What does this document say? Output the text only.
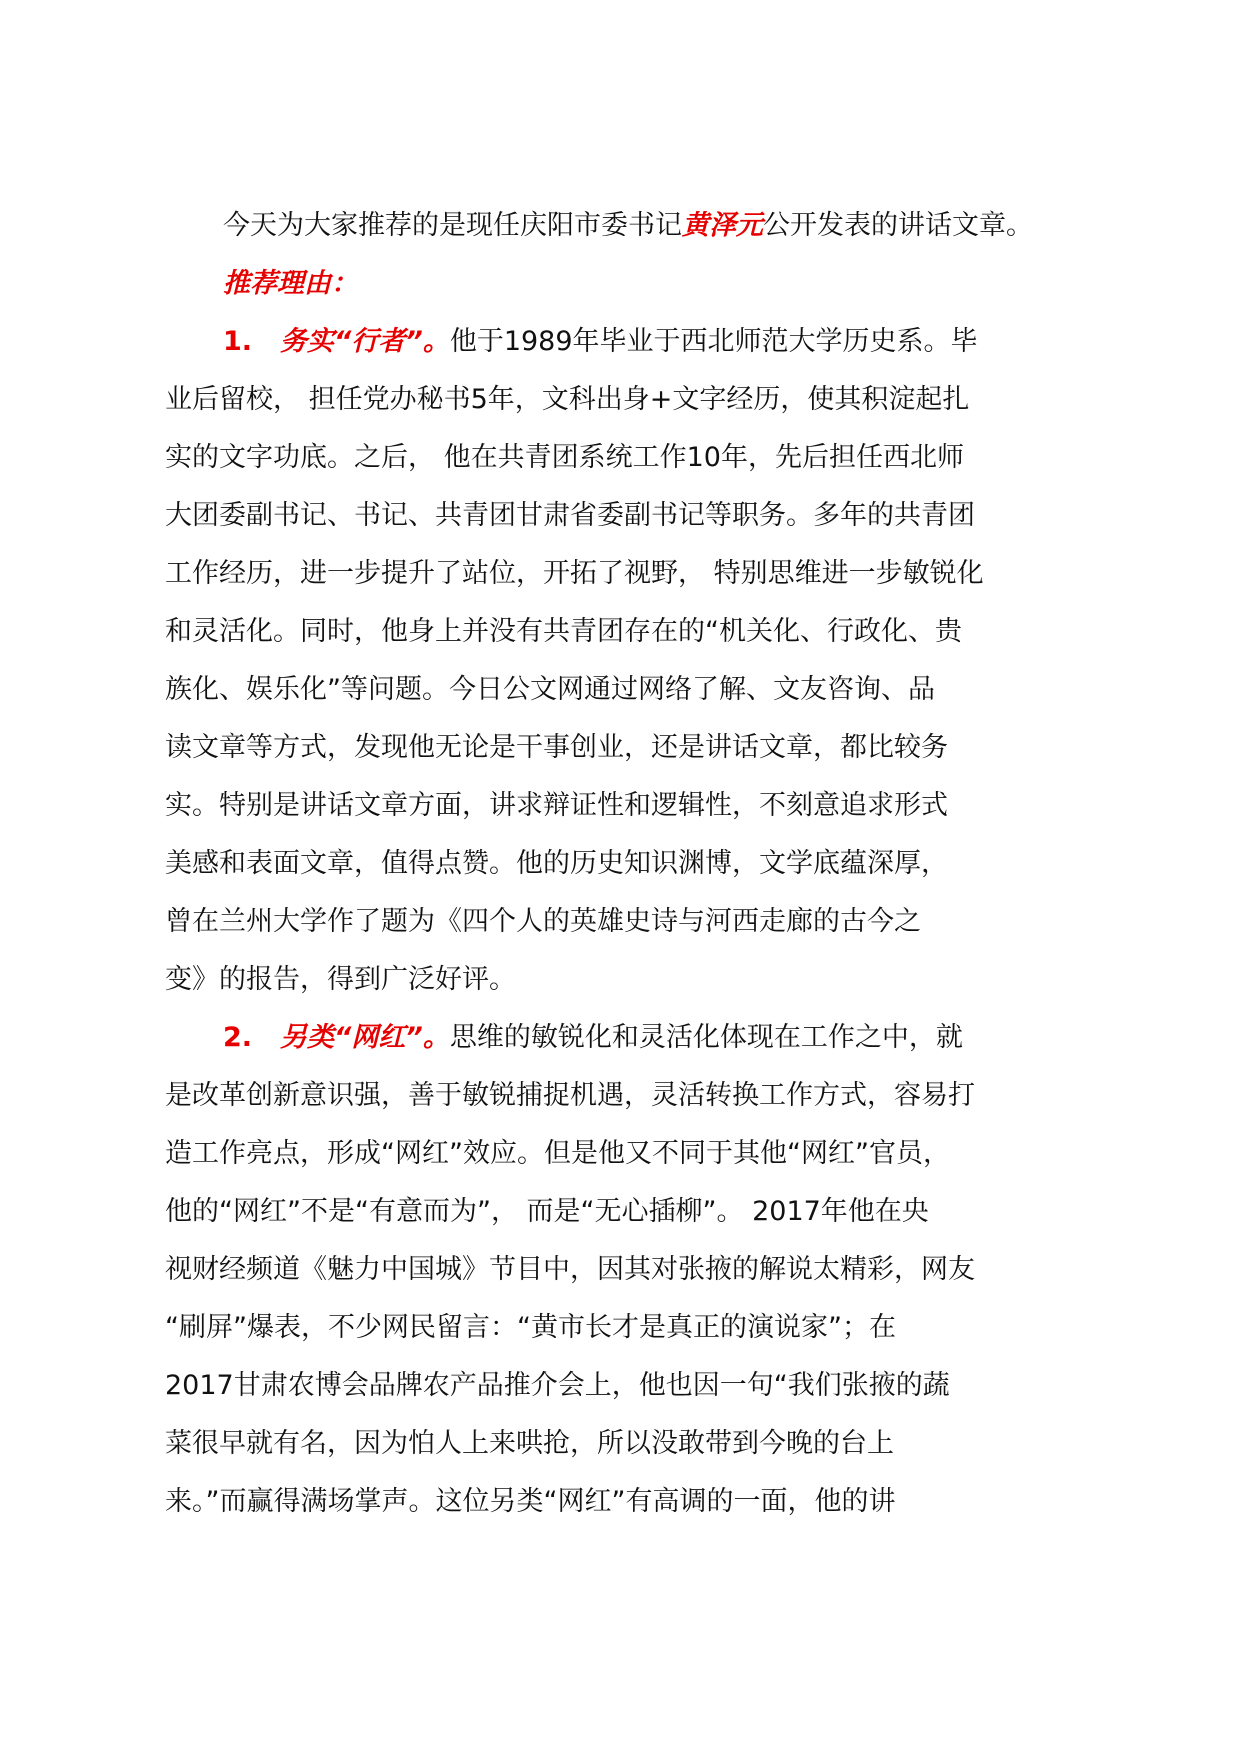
今天为大家推荐的是现任庆阳市委书记黄泽元公开发表的讲话文章。
推荐理由：
1. 务实“行者”。他于1989年毕业于西北师范大学历史系。毕
业后留校， 担任党办秘书5年，文科出身+文字经历，使其积淀起扎
实的文字功底。之后， 他在共青团系统工作10年，先后担任西北师
大团委副书记、书记、共青团甘肃省委副书记等职务。多年的共青团
工作经历，进一步提升了站位，开拓了视野， 特别思维进一步敏锐化
和灵活化。同时，他身上并没有共青团存在的“机关化、行政化、贵
族化、娱乐化”等问题。今日公文网通过网络了解、文友咨询、品
读文章等方式，发现他无论是干事创业，还是讲话文章，都比较务
实。特别是讲话文章方面，讲求辩证性和逻辑性，不刻意追求形式
美感和表面文章，值得点赞。他的历史知识渊博，文学底蕴深厚，
曾在兰州大学作了题为《四个人的英雄史诗与河西走廊的古今之
变》的报告，得到广泛好评。
2. 另类“网红”。思维的敏锐化和灵活化体现在工作之中，就
是改革创新意识强，善于敏锐捕捉机遇，灵活转换工作方式，容易打
造工作亮点，形成“网红”效应。但是他又不同于其他“网红”官员，
他的“网红”不是“有意而为”， 而是“无心插柳”。 2017年他在央
视财经频道《魅力中国城》节目中，因其对张掖的解说太精彩，网友
“刷屏”爆表，不少网民留言：“黄市长才是真正的演说家”；在
2017甘肃农博会品牌农产品推介会上，他也因一句“我们张掖的蔬
菜很早就有名，因为怕人上来哄抢，所以没敢带到今晚的台上
来。”而赢得满场掌声。这位另类“网红”有高调的一面，他的讲
